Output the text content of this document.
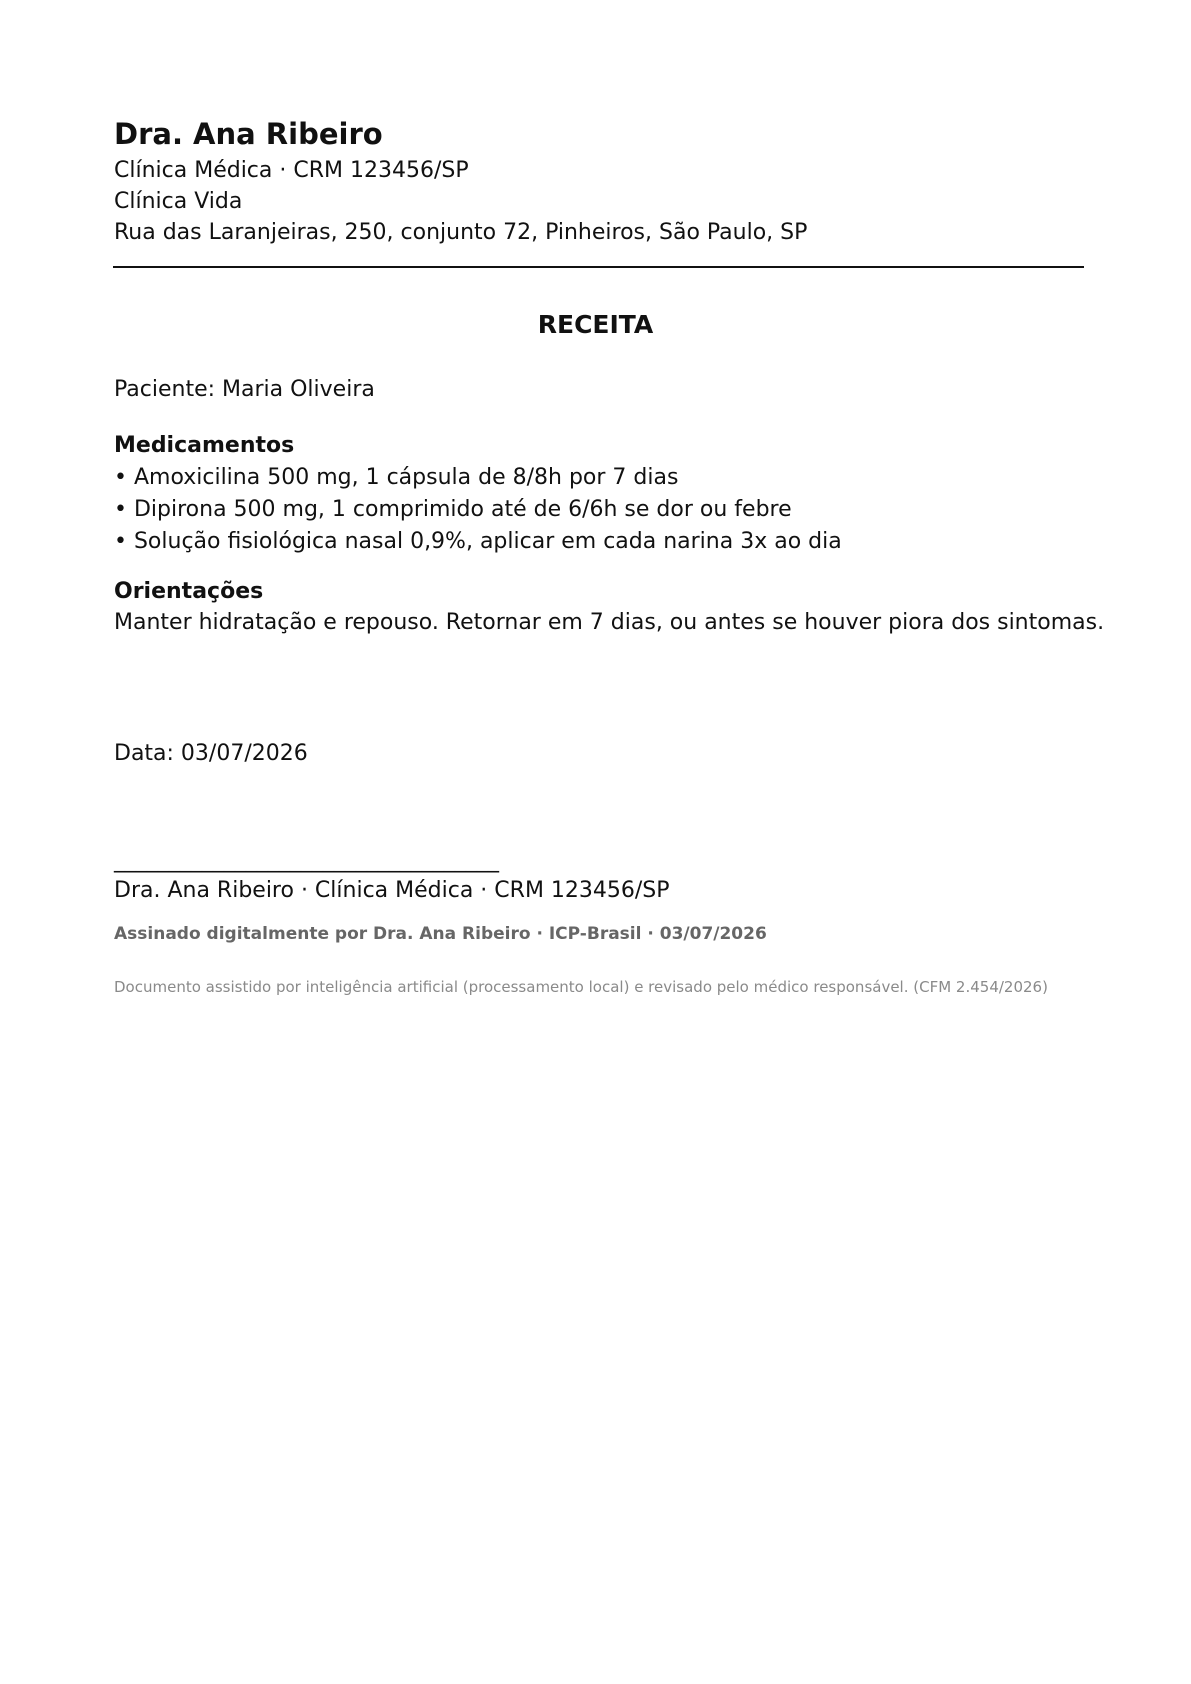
Dra. Ana Ribeiro
Clínica Médica · CRM 123456/SP
Clínica Vida
Rua das Laranjeiras, 250, conjunto 72, Pinheiros, São Paulo, SP
RECEITA
Paciente: Maria Oliveira
Medicamentos
• Amoxicilina 500 mg, 1 cápsula de 8/8h por 7 dias
• Dipirona 500 mg, 1 comprimido até de 6/6h se dor ou febre
• Solução fisiológica nasal 0,9%, aplicar em cada narina 3x ao dia
Orientações
Manter hidratação e repouso. Retornar em 7 dias, ou antes se houver piora dos sintomas.
Data: 03/07/2026
___________________________________
Dra. Ana Ribeiro · Clínica Médica · CRM 123456/SP
Assinado digitalmente por Dra. Ana Ribeiro · ICP-Brasil · 03/07/2026
Documento assistido por inteligência artificial (processamento local) e revisado pelo médico responsável. (CFM 2.454/2026)
